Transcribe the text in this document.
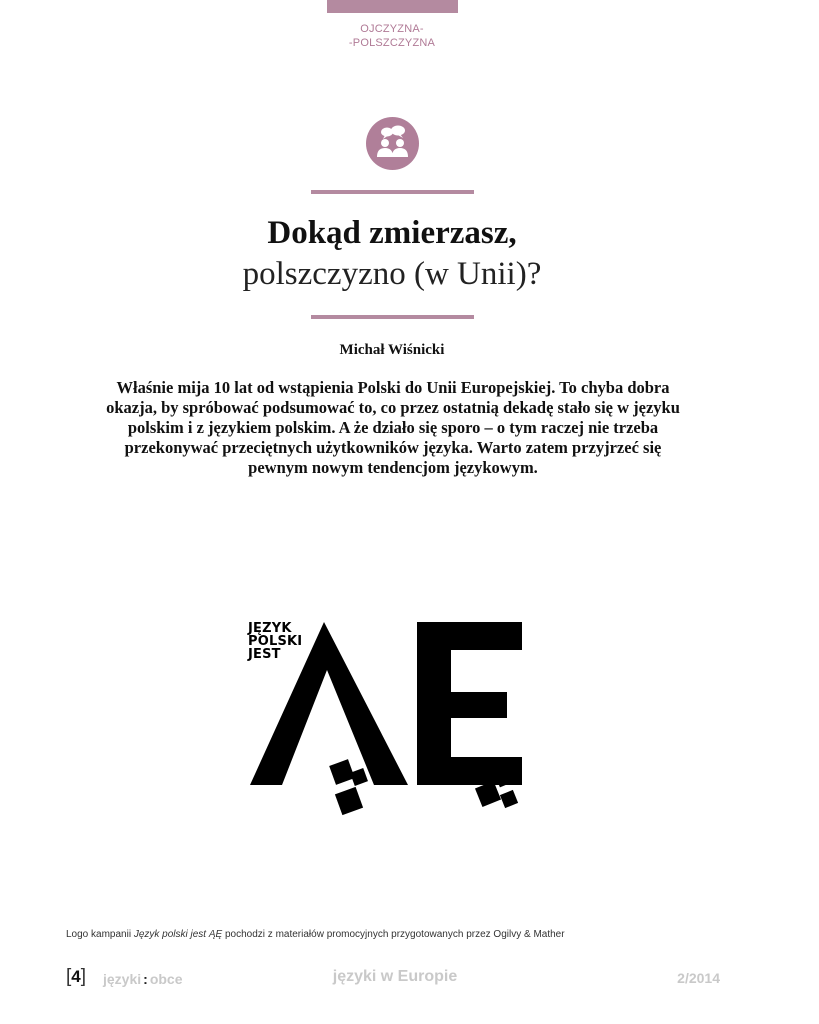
OJCZYZNA-
-POLSZCZYZNA
Dokąd zmierzasz,
polszczyzno (w Unii)?
Michał Wiśnicki
Właśnie mija 10 lat od wstąpienia Polski do Unii Europejskiej. To chyba dobra okazja, by spróbować podsumować to, co przez ostatnią dekadę stało się w języku polskim i z językiem polskim. A że działo się sporo – o tym raczej nie trzeba przekonywać przeciętnych użytkowników języka. Warto zatem przyjrzeć się pewnym nowym tendencjom językowym.
JĘZYK
POLSKI
JEST
Logo kampanii Język polski jest ĄĘ pochodzi z materiałów promocyjnych przygotowanych przez Ogilvy & Mather
[4] języki : obce	języki w Europie	2/2014
